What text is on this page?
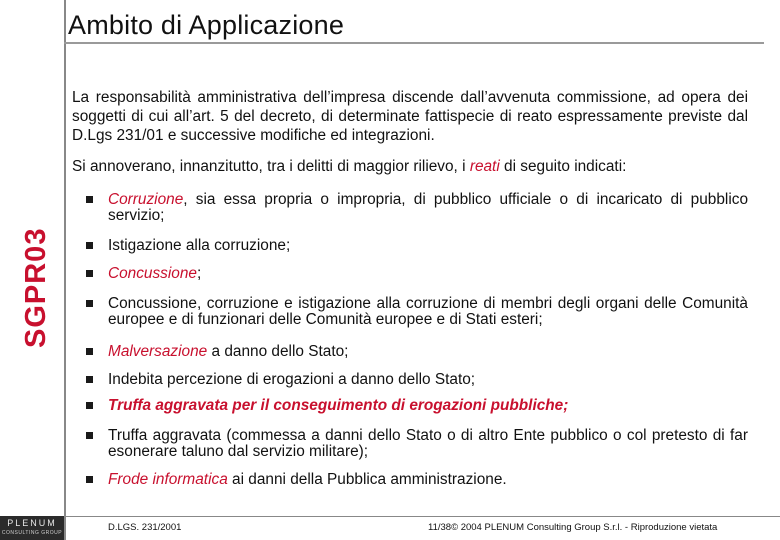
Ambito di Applicazione
SGPR03

La responsabilità amministrativa dell’impresa discende dall’avvenuta commissione, ad opera dei soggetti di cui all’art. 5 del decreto, di determinate fattispecie di reato espressamente previste dal D.Lgs 231/01 e successive modifiche ed integrazioni.

Si annoverano, innanzitutto, tra i delitti di maggior rilievo, i reati di seguito indicati:

Corruzione, sia essa propria o impropria, di pubblico ufficiale o di incaricato di pubblico servizio;
Istigazione alla corruzione;
Concussione;
Concussione, corruzione e istigazione alla corruzione di membri degli organi delle Comunità europee e di funzionari delle Comunità europee e di Stati esteri;
Malversazione a danno dello Stato;
Indebita percezione di erogazioni a danno dello Stato;
Truffa aggravata per il conseguimento di erogazioni pubbliche;
Truffa aggravata (commessa a danni dello Stato o di altro Ente pubblico o col pretesto di far esonerare taluno dal servizio militare);
Frode informatica ai danni della Pubblica amministrazione.
PLENUM
CONSULTING GROUP	D.LGS. 231/2001	11/38© 2004 PLENUM Consulting Group S.r.l. - Riproduzione vietata
